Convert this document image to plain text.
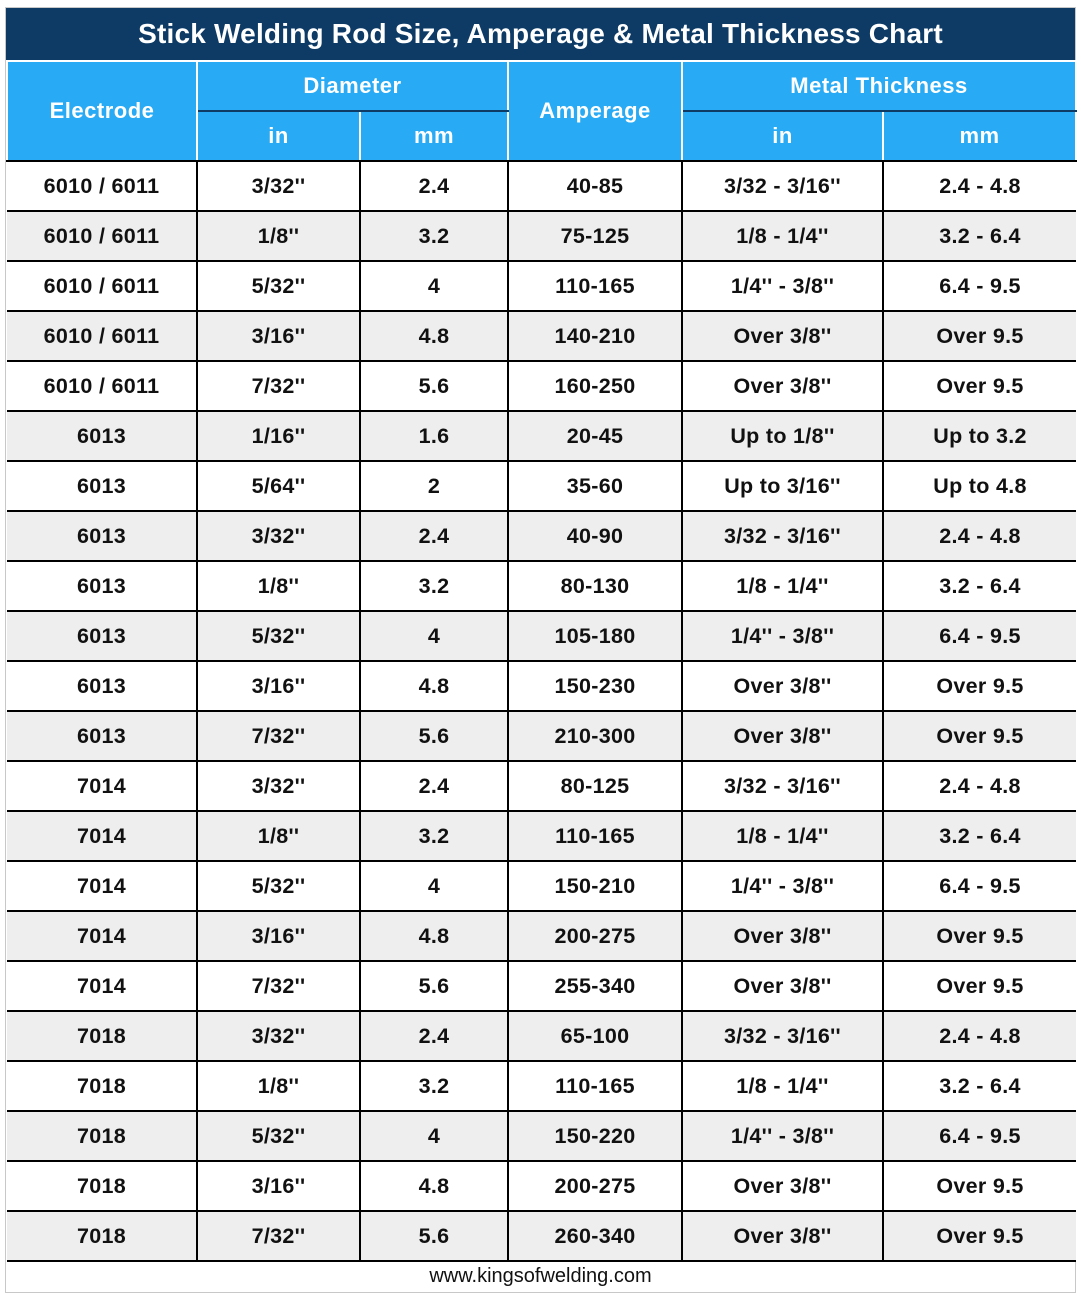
Stick Welding Rod Size, Amperage & Metal Thickness Chart
Electrode	Diameter		Amperage	Metal Thickness	
	in	mm		in	mm
6010 / 6011	3/32''	2.4	40-85	3/32 - 3/16''	2.4 - 4.8
6010 / 6011	1/8''	3.2	75-125	1/8 - 1/4''	3.2 - 6.4
6010 / 6011	5/32''	4	110-165	1/4'' - 3/8''	6.4 - 9.5
6010 / 6011	3/16''	4.8	140-210	Over 3/8''	Over 9.5
6010 / 6011	7/32''	5.6	160-250	Over 3/8''	Over 9.5
6013	1/16''	1.6	20-45	Up to 1/8''	Up to 3.2
6013	5/64''	2	35-60	Up to 3/16''	Up to 4.8
6013	3/32''	2.4	40-90	3/32 - 3/16''	2.4 - 4.8
6013	1/8''	3.2	80-130	1/8 - 1/4''	3.2 - 6.4
6013	5/32''	4	105-180	1/4'' - 3/8''	6.4 - 9.5
6013	3/16''	4.8	150-230	Over 3/8''	Over 9.5
6013	7/32''	5.6	210-300	Over 3/8''	Over 9.5
7014	3/32''	2.4	80-125	3/32 - 3/16''	2.4 - 4.8
7014	1/8''	3.2	110-165	1/8 - 1/4''	3.2 - 6.4
7014	5/32''	4	150-210	1/4'' - 3/8''	6.4 - 9.5
7014	3/16''	4.8	200-275	Over 3/8''	Over 9.5
7014	7/32''	5.6	255-340	Over 3/8''	Over 9.5
7018	3/32''	2.4	65-100	3/32 - 3/16''	2.4 - 4.8
7018	1/8''	3.2	110-165	1/8 - 1/4''	3.2 - 6.4
7018	5/32''	4	150-220	1/4'' - 3/8''	6.4 - 9.5
7018	3/16''	4.8	200-275	Over 3/8''	Over 9.5
7018	7/32''	5.6	260-340	Over 3/8''	Over 9.5
www.kingsofwelding.com
